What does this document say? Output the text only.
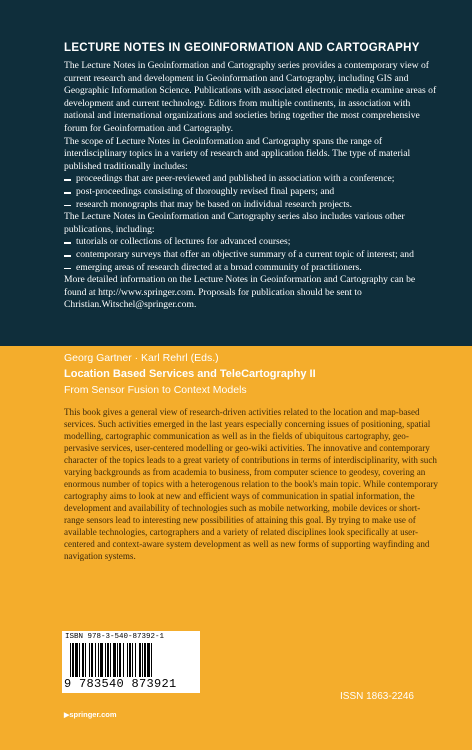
LECTURE NOTES IN GEOINFORMATION AND CARTOGRAPHY

The Lecture Notes in Geoinformation and Cartography series provides a contemporary view of current research and development in Geoinformation and Cartography, including GIS and Geographic Information Science. Publications with associated electronic media examine areas of development and current technology. Editors from multiple continents, in association with national and international organizations and societies bring together the most comprehensive forum for Geoinformation and Cartography.

The scope of Lecture Notes in Geoinformation and Cartography spans the range of interdisciplinary topics in a variety of research and application fields. The type of material published traditionally includes:

proceedings that are peer-reviewed and published in association with a conference;
post-proceedings consisting of thoroughly revised final papers; and
research monographs that may be based on individual research projects.

The Lecture Notes in Geoinformation and Cartography series also includes various other publications, including:

tutorials or collections of lectures for advanced courses;
contemporary surveys that offer an objective summary of a current topic of interest; and
emerging areas of research directed at a broad community of practitioners.

More detailed information on the Lecture Notes in Geoinformation and Cartography can be found at http://www.springer.com. Proposals for publication should be sent to Christian.Witschel@springer.com.

Georg Gartner · Karl Rehrl (Eds.)
Location Based Services and TeleCartography II
From Sensor Fusion to Context Models

This book gives a general view of research-driven activities related to the location and map-based services. Such activities emerged in the last years especially concerning issues of positioning, spatial modelling, cartographic communication as well as in the fields of ubiquitous cartography, geo-pervasive services, user-centered modelling or geo-wiki activities. The innovative and contemporary character of the topics leads to a great variety of contributions in terms of interdisciplinarity, with such varying backgrounds as from academia to business, from computer science to geodesy, covering an enormous number of topics with a heterogenous relation to the book's main topic. While contemporary cartography aims to look at new and efficient ways of communication in spatial information, the development and availability of technologies such as mobile networking, mobile devices or short-range sensors lead to interesting new possibilities of attaining this goal. By trying to make use of available technologies, cartographers and a variety of related disciplines look specifically at user-centered and context-aware system development as well as new forms of supporting wayfinding and navigation systems.

ISBN 978-3-540-87392-1
9 783540 873921
ISSN 1863-2246
▶springer.com
